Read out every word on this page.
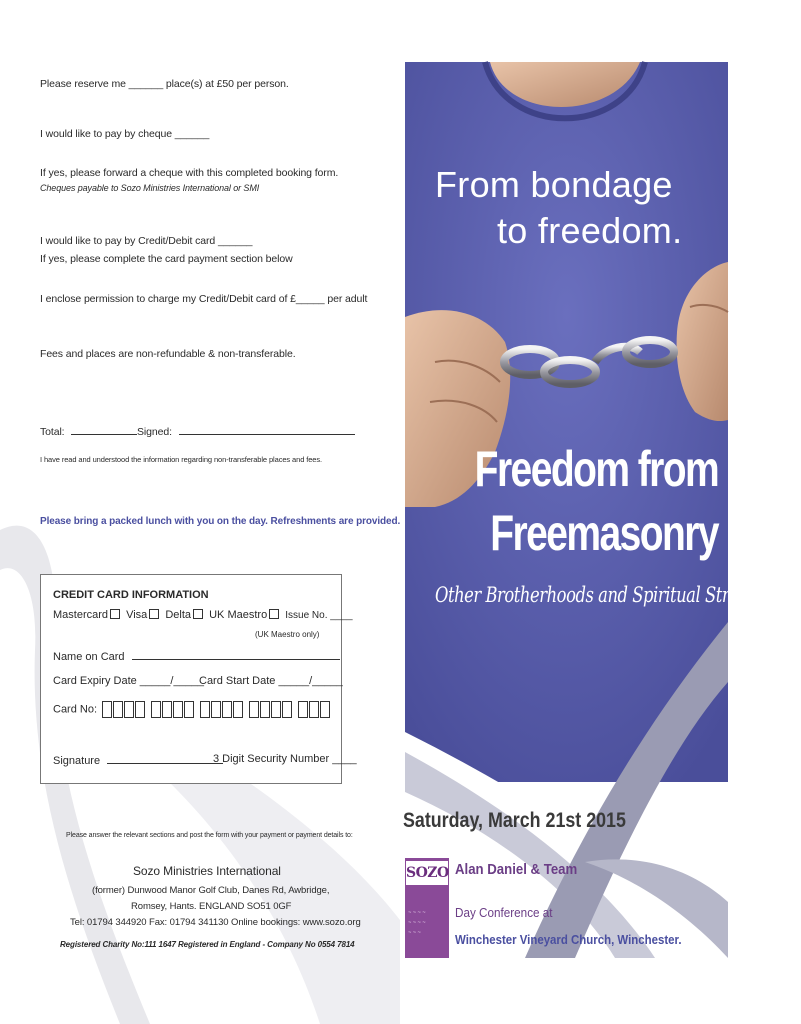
Please reserve me ______ place(s) at £50 per person.
I would like to pay by cheque ______
If yes, please forward a cheque with this completed booking form.
Cheques payable to Sozo Ministries International or SMI
I would like to pay by Credit/Debit card ______
If yes, please complete the card payment section below
I enclose permission to charge my Credit/Debit card of £_____ per adult
Fees and places are non-refundable & non-transferable.
Total:	Signed:
I have read and understood the information regarding non-transferable places and fees.
Please bring a packed lunch with you on the day. Refreshments are provided.
CREDIT CARD INFORMATION
Mastercard Visa Delta UK Maestro Issue No. ____
(UK Maestro only)
Name on Card
Card Expiry Date _____/_____
Card Start Date _____/_____
Card No:
Signature	3 Digit Security Number ____
Please answer the relevant sections and post the form with your payment or payment details to:
Sozo Ministries International
(former) Dunwood Manor Golf Club, Danes Rd, Awbridge,
Romsey, Hants. ENGLAND SO51 0GF
Tel: 01794 344920 Fax: 01794 341130 Online bookings: www.sozo.org
Registered Charity No:111 1647 Registered in England - Company No 0554 7814
From bondage
to freedom.
Freedom from
Freemasonry
Other Brotherhoods and Spiritual Strongholds
Saturday, March 21st 2015
SOZO
~ ~ ~ ~
~ ~ ~ ~
~ ~ ~
Alan Daniel & Team
Day Conference at
Winchester Vineyard Church, Winchester.
